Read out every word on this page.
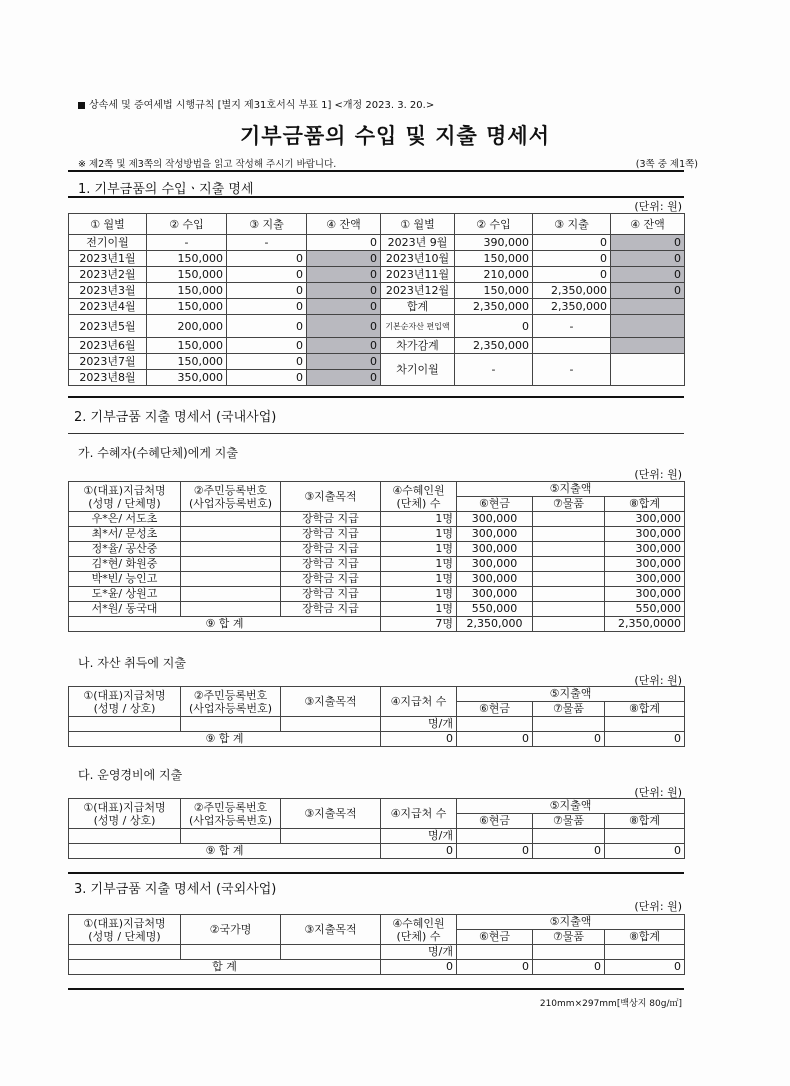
상속세 및 증여세법 시행규칙 [별지 제31호서식 부표 1] <개정 2023. 3. 20.>
기부금품의 수입 및 지출 명세서
※ 제2쪽 및 제3쪽의 작성방법을 읽고 작성해 주시기 바랍니다.	(3쪽 중 제1쪽)
1. 기부금품의 수입ㆍ지출 명세
(단위: 원)
① 월별	② 수입	③ 지출	④ 잔액	① 월별	② 수입	③ 지출	④ 잔액
전기이월	-	-	0	2023년 9월	390,000	0	0
2023년1월	150,000	0	0	2023년10월	150,000	0	0
2023년2월	150,000	0	0	2023년11월	210,000	0	0
2023년3월	150,000	0	0	2023년12월	150,000	2,350,000	0
2023년4월	150,000	0	0	합계	2,350,000	2,350,000	
2023년5월	200,000	0	0	기본순자산 편입액	0	-	
2023년6월	150,000	0	0	차가감계	2,350,000		
2023년7월	150,000	0	0	차기이월	-	-	
2023년8월	350,000	0	0				
2. 기부금품 지출 명세서 (국내사업)
가. 수혜자(수혜단체)에게 지출
(단위: 원)
①(대표)지급처명
(성명 / 단체명)	②주민등록번호
(사업자등록번호)	③지출목적	④수혜인원
(단체) 수	⑤지출액		
				⑥현금	⑦물품	⑧합계
우*은/ 서도초		장학금 지급	1명	300,000		300,000
최*서/ 문성초		장학금 지급	1명	300,000		300,000
정*율/ 공산중		장학금 지급	1명	300,000		300,000
김*현/ 화원중		장학금 지급	1명	300,000		300,000
박*빈/ 능인고		장학금 지급	1명	300,000		300,000
도*윤/ 상원고		장학금 지급	1명	300,000		300,000
서*원/ 동국대		장학금 지급	1명	550,000		550,000
⑨ 합 계			7명	2,350,000		2,350,0000
나. 자산 취득에 지출
(단위: 원)
①(대표)지급처명
(성명 / 상호)	②주민등록번호
(사업자등록번호)	③지출목적	④지급처 수	⑤지출액		
				⑥현금	⑦물품	⑧합계
			명/개			
⑨ 합 계			0	0	0	0
다. 운영경비에 지출
(단위: 원)
①(대표)지급처명
(성명 / 상호)	②주민등록번호
(사업자등록번호)	③지출목적	④지급처 수	⑤지출액		
				⑥현금	⑦물품	⑧합계
			명/개			
⑨ 합 계			0	0	0	0
3. 기부금품 지출 명세서 (국외사업)
(단위: 원)
①(대표)지급처명
(성명 / 단체명)	②국가명	③지출목적	④수혜인원
(단체) 수	⑤지출액		
				⑥현금	⑦물품	⑧합계
			명/개			
합 계			0	0	0	0
210mm×297mm[백상지 80g/㎡]
